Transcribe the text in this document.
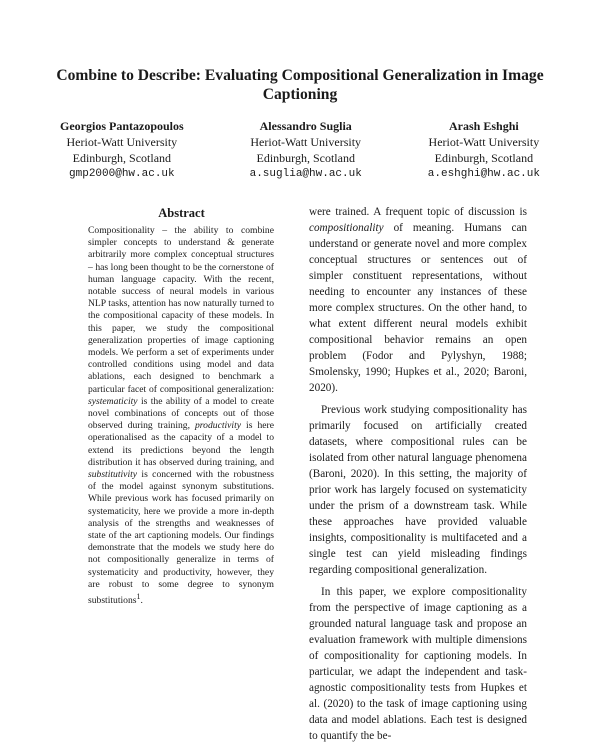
Combine to Describe: Evaluating Compositional Generalization in Image Captioning
Georgios Pantazopoulos
Heriot-Watt University
Edinburgh, Scotland
gmp2000@hw.ac.uk
Alessandro Suglia
Heriot-Watt University
Edinburgh, Scotland
a.suglia@hw.ac.uk
Arash Eshghi
Heriot-Watt University
Edinburgh, Scotland
a.eshghi@hw.ac.uk
Abstract
Compositionality – the ability to combine simpler concepts to understand & generate arbitrarily more complex conceptual structures – has long been thought to be the cornerstone of human language capacity. With the recent, notable success of neural models in various NLP tasks, attention has now naturally turned to the compositional capacity of these models. In this paper, we study the compositional generalization properties of image captioning models. We perform a set of experiments under controlled conditions using model and data ablations, each designed to benchmark a particular facet of compositional generalization: systematicity is the ability of a model to create novel combinations of concepts out of those observed during training, productivity is here operationalised as the capacity of a model to extend its predictions beyond the length distribution it has observed during training, and substitutivity is concerned with the robustness of the model against synonym substitutions. While previous work has focused primarily on systematicity, here we provide a more in-depth analysis of the strengths and weaknesses of state of the art captioning models. Our findings demonstrate that the models we study here do not compositionally generalize in terms of systematicity and productivity, however, they are robust to some degree to synonym substitutions$^1$.

were trained. A frequent topic of discussion is compositionality of meaning. Humans can understand or generate novel and more complex conceptual structures or sentences out of simpler constituent representations, without needing to encounter any instances of these more complex structures. On the other hand, to what extent different neural models exhibit compositional behavior remains an open problem (Fodor and Pylyshyn, 1988; Smolensky, 1990; Hupkes et al., 2020; Baroni, 2020).

Previous work studying compositionality has primarily focused on artificially created datasets, where compositional rules can be isolated from other natural language phenomena (Baroni, 2020). In this setting, the majority of prior work has largely focused on systematicity under the prism of a downstream task. While these approaches have provided valuable insights, compositionality is multifaceted and a single test can yield misleading findings regarding compositional generalization.

In this paper, we explore compositionality from the perspective of image captioning as a grounded natural language task and propose an evaluation framework with multiple dimensions of compositionality for captioning models. In particular, we adapt the independent and task-agnostic compositionality tests from Hupkes et al. (2020) to the task of image captioning using data and model ablations. Each test is designed to quantify the be-
